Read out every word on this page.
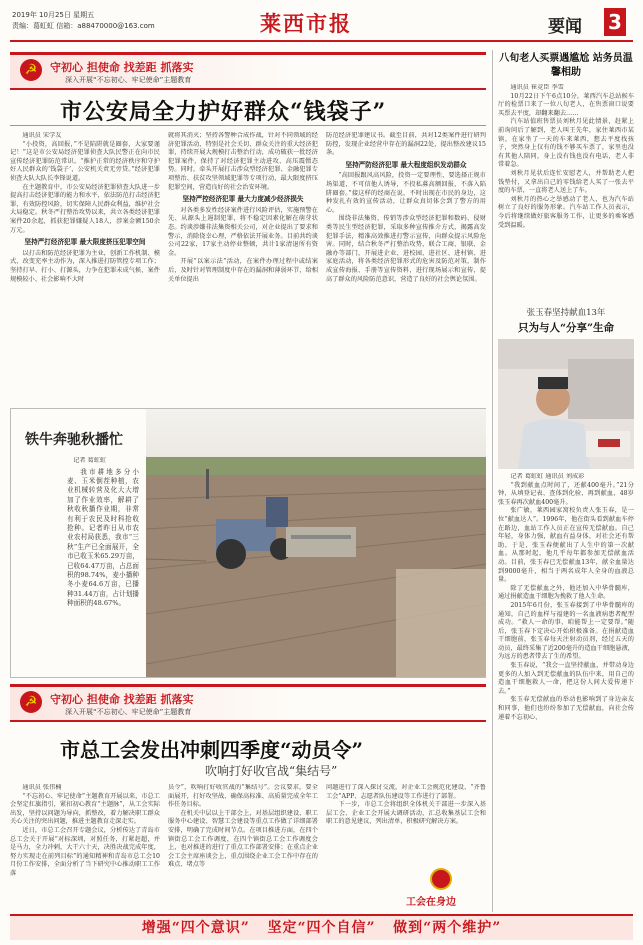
2019年 10月25日 星期五
责编：葛虹虹 信箱：a88470000@163.com	莱西市报	要闻 3
☭	守初心 担使命 找差距 抓落实
深入开展“不忘初心、牢记使命”主题教育
市公安局全力护好群众“钱袋子”
通讯员 宋学友

“小投资，高回报，”不是陷阱就是圈套，大家要谨记！”这是市公安局经济犯罪侦查大队民警正在向市民宣传经济犯罪防范常识。“推护正常的经济秩序和守护好人民群众的‘钱袋子’，公安机关责无旁贷。”经济犯罪侦查大队大队长李锋说道。

在主题教育中，市公安局经济犯罪侦查大队进一步提高打击经济犯罪的能力和水平，依法防范打击经济犯罪，有效防控风险，切实保障人民群众利益，维护社会大局稳定。秋冬严打整治攻势以来，共立各类经济犯罪案件20余起，抓获犯罪嫌疑人18人，涉案金额150余万元。

坚持严打经济犯罪 最大限度挤压犯罪空间

以打击和防范经济犯罪为主业，创新工作机制、模式，改变充率主动作为，深入推进打防管控专项工作；坚持打早、打小、打源头，力争在犯罪未成气候、案件规模较小、社会影响不大时

就将其消灭；坚持各警种合成作战，针对不同领域的经济犯罪活动，特别是社会关切、群众关注的重大经济犯罪，持续开展大规模打击整治行动，成功破获一批经济犯罪案件，保持了对经济犯罪主动进攻、高压震慑态势。同时，牵头开展打击涉众型经济犯罪、金融犯罪专项整治、扶贫攻坚领域犯罪等专项行动，最大限度挤压犯罪空间，营造良好的社会治安环境。

坚持严控经济犯罪 最大力度减少经济损失

对各类多发性经济案件进行风险评估，实施预警在先、从源头上遏制犯罪，将不稳定因素化解在萌芽状态。约谈涉嫌非法集资相关公司，对企业提出了要求和警示，消除侥幸心理，严格依法开展业务。目前共约谈公司22家，17家主动停业整顿，共计1家清退所有资金。

开展“以案示法”活动，在案件办理过程中或结案后，及时针对管理制度中存在的漏洞和薄弱环节，给相关单位提出

防范经济犯罪建议书。截至目前，共对12类案件进行研判防控，发现企业经营中存在的漏洞22处，提出整改建议15条。

坚持严防经济犯罪 最大程度组织发动群众

“高回报跟风高风险，投资一定要理性，要选择正规市场渠道，不可信他人诱导，不投私募高额回报，不落入陷阱圈套。”接这样的经商在说，不时出现在市民的身边，这种发扎有效的宣传活动，让群众真切体会到了警方的用心。

围绕非法集资、传销等涉众型经济犯罪和数码、侵财类等民生型经济犯罪，采取多种宣传推介方式，揭露高发犯罪手法，精准高效推进打警示宣传，向群众提示风险危害。同时，结合秋冬严打整治攻势，联合工商、银联、金融办等部门，开展进企业、进校园、进社区、进村镇、进家庭活动，将各类经济犯罪形式的危害及防范对策，制作成宣传海报、手册等宣传资料，进行现场展示和宣传，提高了群众的风险防范意识，营造了良好的社会舆论氛围。

铁牛奔驰秋播忙
记者 葛虹虹

我市耕地多分小麦、玉米倒茬种植，农业机械转营及化大大增加了作业效率，解耕了秋收秋播作业期，非常有利于农民及时科抢收抢种。记者昨日从市农业农村局获悉，我市“三秋”生产已全面展开，全市已收玉米65.29万亩，已收64.47万亩，占总面积的98.74%，麦小播种冬小麦64.6万亩，已播种31.44万亩，占计划播种面积的48.67%。

☭	守初心 担使命 找差距 抓落实
深入开展“不忘初心、牢记使命”主题教育
市总工会发出冲刺四季度“动员令”
吹响打好收官战“集结号”
通讯员 张伟楠

“不忘初心、牢记使命”主题教育开展以来，市总工会坚定扛旗指引，紧扣初心教育“主题脉”，从工会实际出发，坚持以问题为导向，抓整改，着力解决职工群众关心关注的突出问题，推进主题教育走深走实。

近日，市总工会召开专题会议，分析传达了青岛市总工会关于开展“对标深圳，对照任务，打紧赶超，并是马力，全力冲刺，大干六十天，决胜决战完成年度，努力实现走在前列目标”的通知精神和青岛市总工会10月份工作安排，全面分析了当下研究中心推动职工工作落

员令”，吹响打好收官战的“集结号”。会议要求，要全面展开，打好攻坚战、确保高标准、高质量完成全年工作任务目标。

在机关中层以上干部会上，对基层组织建设、职工服务中心建设、智慧工会建设等重点工作做了详细部署安排，明确了完成时间节点。在项目推进方面，在四个镇街总工会工作调度，在四个镇街总工会工作调度会上，也对推进的进行了重点工作部署安排；在重点企业会工会主席座谈会上，重点围绕企业工会工作中存在的难点、堵点等

问题进行了深入探讨交流，对企业工会规范化建设、“齐鲁工会”APP、志愿者队伍建设等工作进行了部署。

下一步，市总工会将组织全体机关干部进一步深入基层工会、企业工会开展大调研活动，汇总收集基层工会和职工的意见建议，列出清单，积极研究解决方案。

工会在身边
八旬老人买票遇尴尬 站务员温馨相助
通讯员 崔竞臣 李雪

10月22日下午6点10分，莱西汽车总站候车厅的检票口来了一位八旬老人，在售票窗口说要买票去平度，却翻来翻去……

汽车站值班售票员刘秋月见此情景，赶紧上前询问后了解到，老人叫王先年，家住莱西市某镇，在家坐了一天的车来莱西，想去平度找孩子，突然身上仅有的钱不够买车票了，家里也没有其他人陪同，身上没有钱也没有电话，老人非常着急。

刘秋月见状后连忙安慰老人，并帮助老人把钱垫付，又拿出自己的零钱给老人买了一张去平度的车票，一直将老人送上了车。

刘秋月的热心之举感动了老人，也为汽车站树立了良好的服务形象。汽车站工作人员表示，今后将继续做好旅客服务工作，让更多的乘客感受到温暖。

张玉春坚持献血13年
只为与人“分享”生命
记者 葛虹虹 通讯员 刘成彩

“我到献血点时间了，还献400毫升。”21分钟，从填登记表、查体到化验，再到献血，48岁张玉春再次献血400毫升。

张广敏，莱西园家窝校负责人张玉春，是一位“献血达人”。1996年，他在街头看到献血车停在路边，血站工作人员正在宣传无偿献血。自己年轻，身体力强，献血有益身体，对社会还有帮助，于是，张玉春便献出了人生中的第一次献血。从那时起，他几乎每年都参加无偿献血活动。目前，张玉春已无偿献血13年，献全血量达到9000毫升，相当于两名成年人全身的血液总量。

除了无偿献血之外，他还加入中华骨髓库，通过捐献造血干细胞为挽救了他人生命。

2015年6月份，张玉春接到了中华骨髓库的通知，自己的血样与福建的一名血液病患者配型成功。“救人一命的事，咱能帮上一定要帮。”随后，张玉春下定决心开始积极准备。在捐献造血干细胞前，张玉春每天注射动员剂，经过五天的动员，最终采集了近200毫升的造血干细胞悬液，为远方的患者带去了生的希望。

张玉春说，“我会一直坚持献血，并带动身边更多的人加入到无偿献血的队伍中来，用自己的造血干细胞救人一命，把这份人间大爱传递下去。”

张玉春无偿献血的举动也影响到了身边亲友和同事，他们也纷纷参加了无偿献血，向社会传递着不忘初心、

增强“四个意识”   坚定“四个自信”   做到“两个维护”
